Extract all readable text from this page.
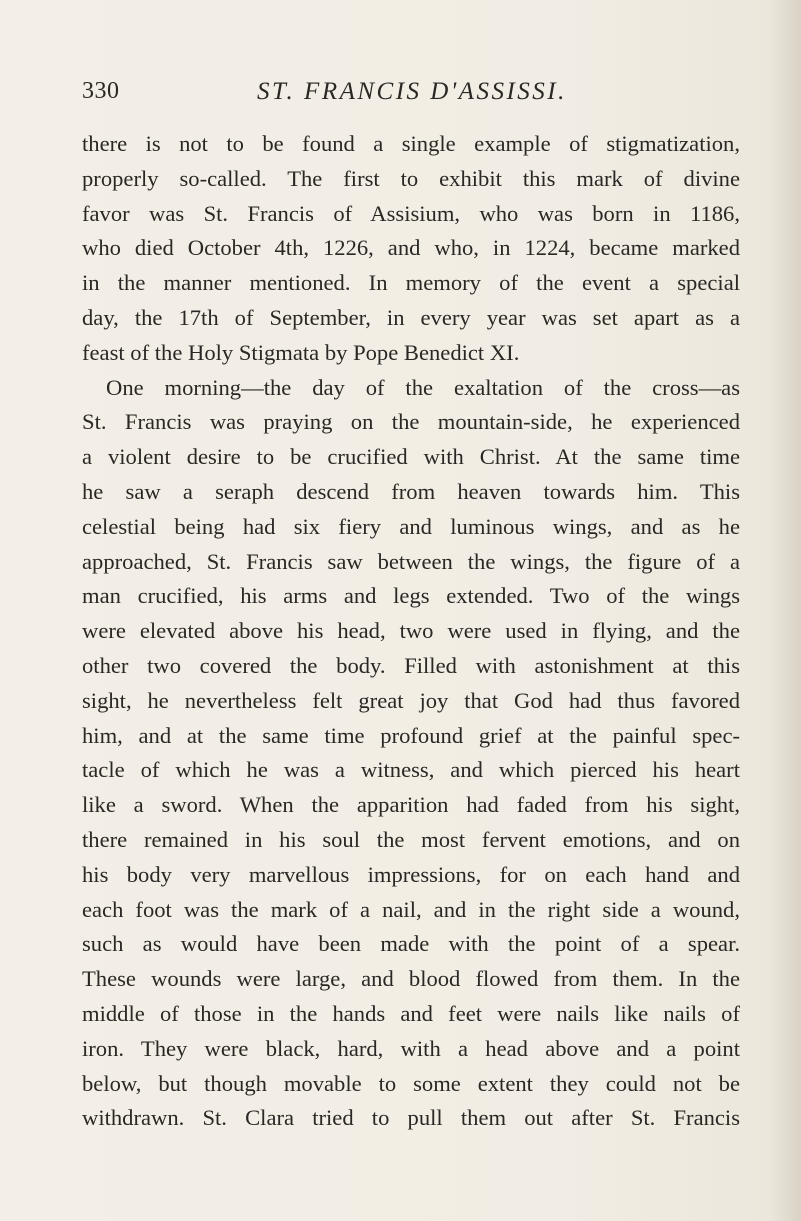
330	ST. FRANCIS D'ASSISSI.
there is not to be found a single example of stigmatization,
properly so-called. The first to exhibit this mark of divine
favor was St. Francis of Assisium, who was born in 1186,
who died October 4th, 1226, and who, in 1224, became marked
in the manner mentioned. In memory of the event a special
day, the 17th of September, in every year was set apart as a
feast of the Holy Stigmata by Pope Benedict XI.
One morning—the day of the exaltation of the cross—as
St. Francis was praying on the mountain-side, he experienced
a violent desire to be crucified with Christ. At the same time
he saw a seraph descend from heaven towards him. This
celestial being had six fiery and luminous wings, and as he
approached, St. Francis saw between the wings, the figure of a
man crucified, his arms and legs extended. Two of the wings
were elevated above his head, two were used in flying, and the
other two covered the body. Filled with astonishment at this
sight, he nevertheless felt great joy that God had thus favored
him, and at the same time profound grief at the painful spec-
tacle of which he was a witness, and which pierced his heart
like a sword. When the apparition had faded from his sight,
there remained in his soul the most fervent emotions, and on
his body very marvellous impressions, for on each hand and
each foot was the mark of a nail, and in the right side a wound,
such as would have been made with the point of a spear.
These wounds were large, and blood flowed from them. In the
middle of those in the hands and feet were nails like nails of
iron. They were black, hard, with a head above and a point
below, but though movable to some extent they could not be
withdrawn. St. Clara tried to pull them out after St. Francis
